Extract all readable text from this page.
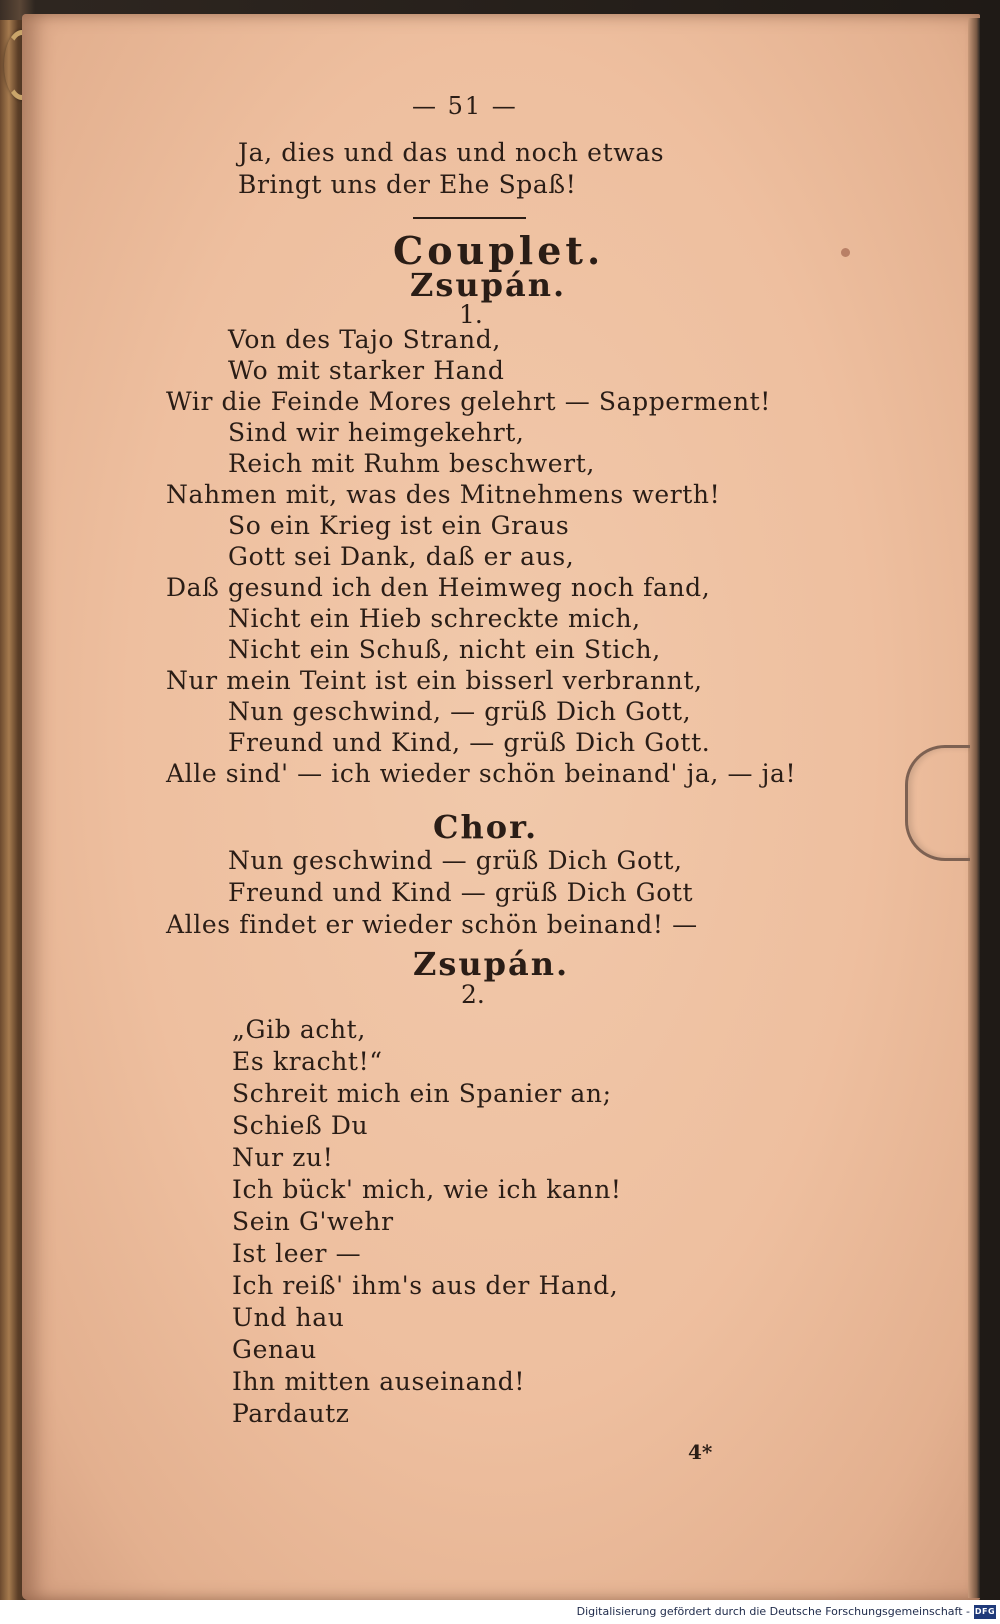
— 51 —
Ja, dies und das und noch etwas
Bringt uns der Ehe Spaß!
Couplet.
Zsupán.
1.
Von des Tajo Strand,
Wo mit starker Hand
Wir die Feinde Mores gelehrt — Sapperment!
Sind wir heimgekehrt,
Reich mit Ruhm beschwert,
Nahmen mit, was des Mitnehmens werth!
So ein Krieg ist ein Graus
Gott sei Dank, daß er aus,
Daß gesund ich den Heimweg noch fand,
Nicht ein Hieb schreckte mich,
Nicht ein Schuß, nicht ein Stich,
Nur mein Teint ist ein bisserl verbrannt,
Nun geschwind, — grüß Dich Gott,
Freund und Kind, — grüß Dich Gott.
Alle sind' — ich wieder schön beinand' ja, — ja!
Chor.
Nun geschwind — grüß Dich Gott,
Freund und Kind — grüß Dich Gott
Alles findet er wieder schön beinand! —
Zsupán.
2.
„Gib acht,
Es kracht!“
Schreit mich ein Spanier an;
Schieß Du
Nur zu!
Ich bück' mich, wie ich kann!
Sein G'wehr
Ist leer —
Ich reiß' ihm's aus der Hand,
Und hau
Genau
Ihn mitten auseinand!
Pardautz
4*
Digitalisierung gefördert durch die Deutsche Forschungsgemeinschaft - DFG
